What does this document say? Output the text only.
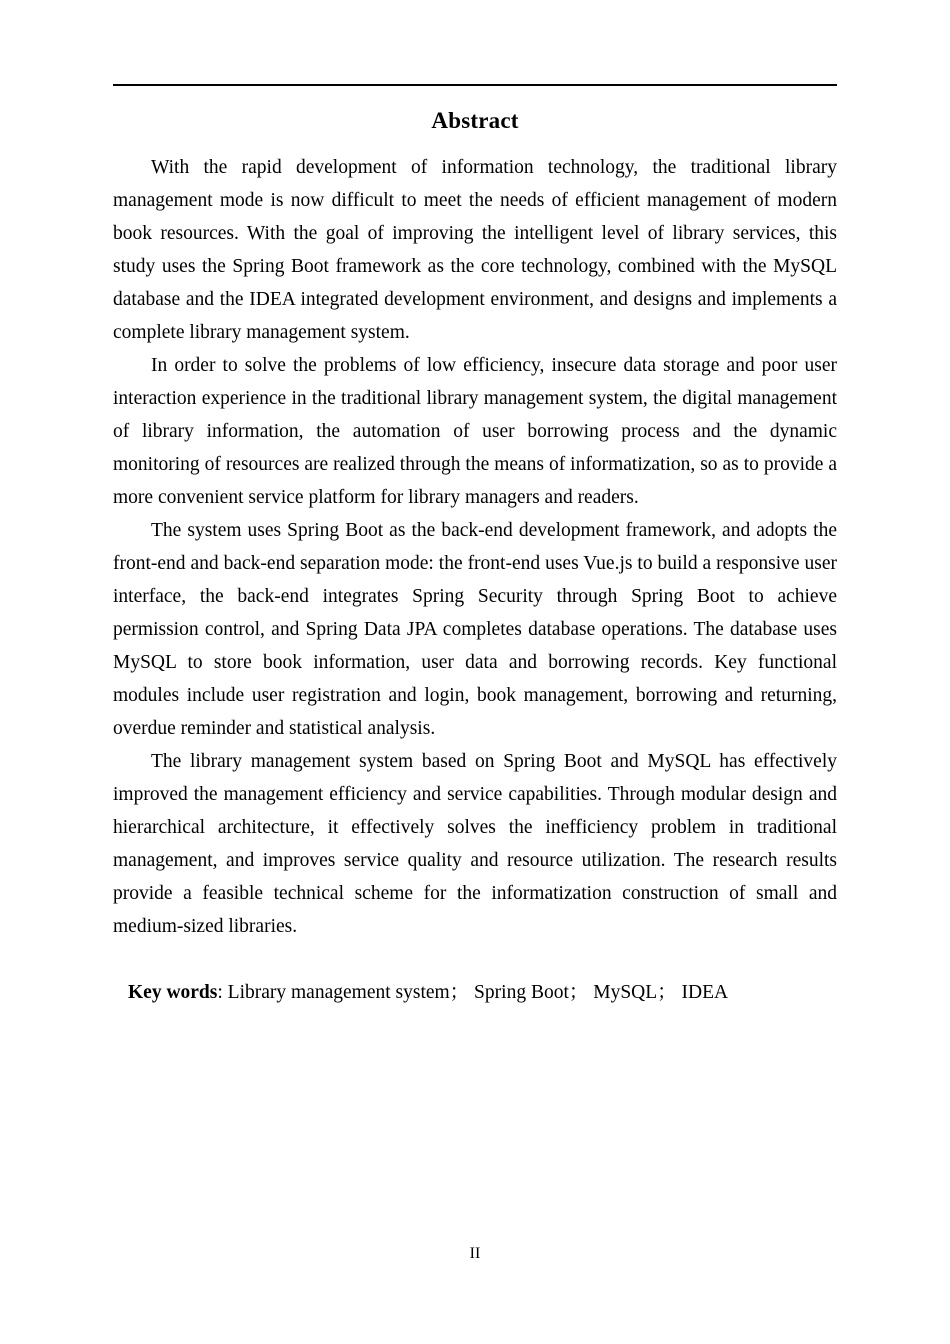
Abstract

With the rapid development of information technology, the traditional library management mode is now difficult to meet the needs of efficient management of modern book resources. With the goal of improving the intelligent level of library services, this study uses the Spring Boot framework as the core technology, combined with the MySQL database and the IDEA integrated development environment, and designs and implements a complete library management system.

In order to solve the problems of low efficiency, insecure data storage and poor user interaction experience in the traditional library management system, the digital management of library information, the automation of user borrowing process and the dynamic monitoring of resources are realized through the means of informatization, so as to provide a more convenient service platform for library managers and readers.

The system uses Spring Boot as the back-end development framework, and adopts the front-end and back-end separation mode: the front-end uses Vue.js to build a responsive user interface, the back-end integrates Spring Security through Spring Boot to achieve permission control, and Spring Data JPA completes database operations. The database uses MySQL to store book information, user data and borrowing records. Key functional modules include user registration and login, book management, borrowing and returning, overdue reminder and statistical analysis.

The library management system based on Spring Boot and MySQL has effectively improved the management efficiency and service capabilities. Through modular design and hierarchical architecture, it effectively solves the inefficiency problem in traditional management, and improves service quality and resource utilization. The research results provide a feasible technical scheme for the informatization construction of small and medium-sized libraries.

Key words: Library management system； Spring Boot； MySQL； IDEA
II
